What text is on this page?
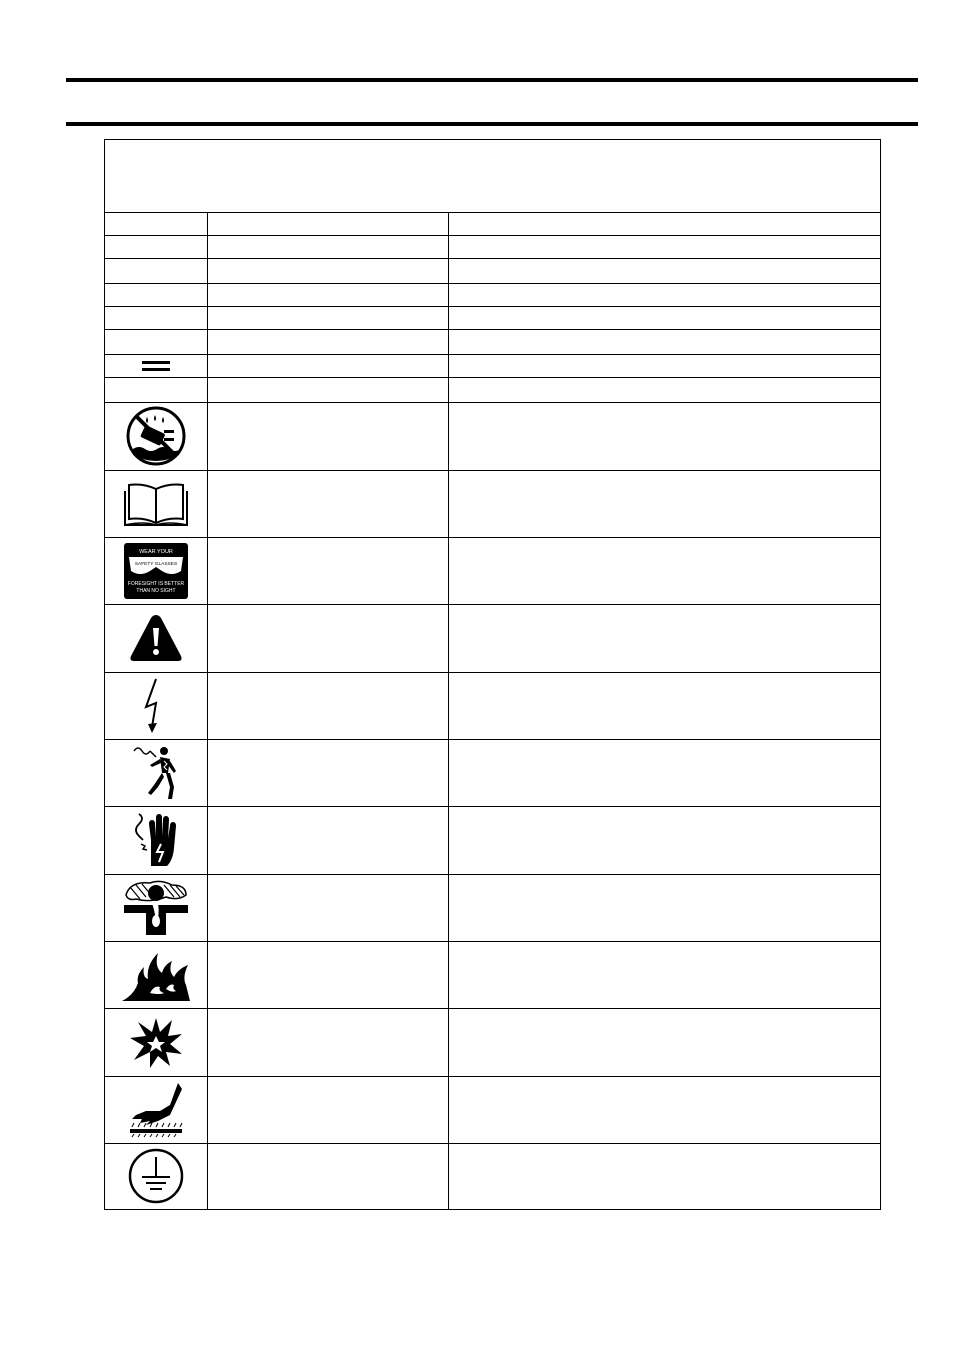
WEAR YOUR
SAFETY GLASSES
FORESIGHT IS BETTER
THAN NO SIGHT
